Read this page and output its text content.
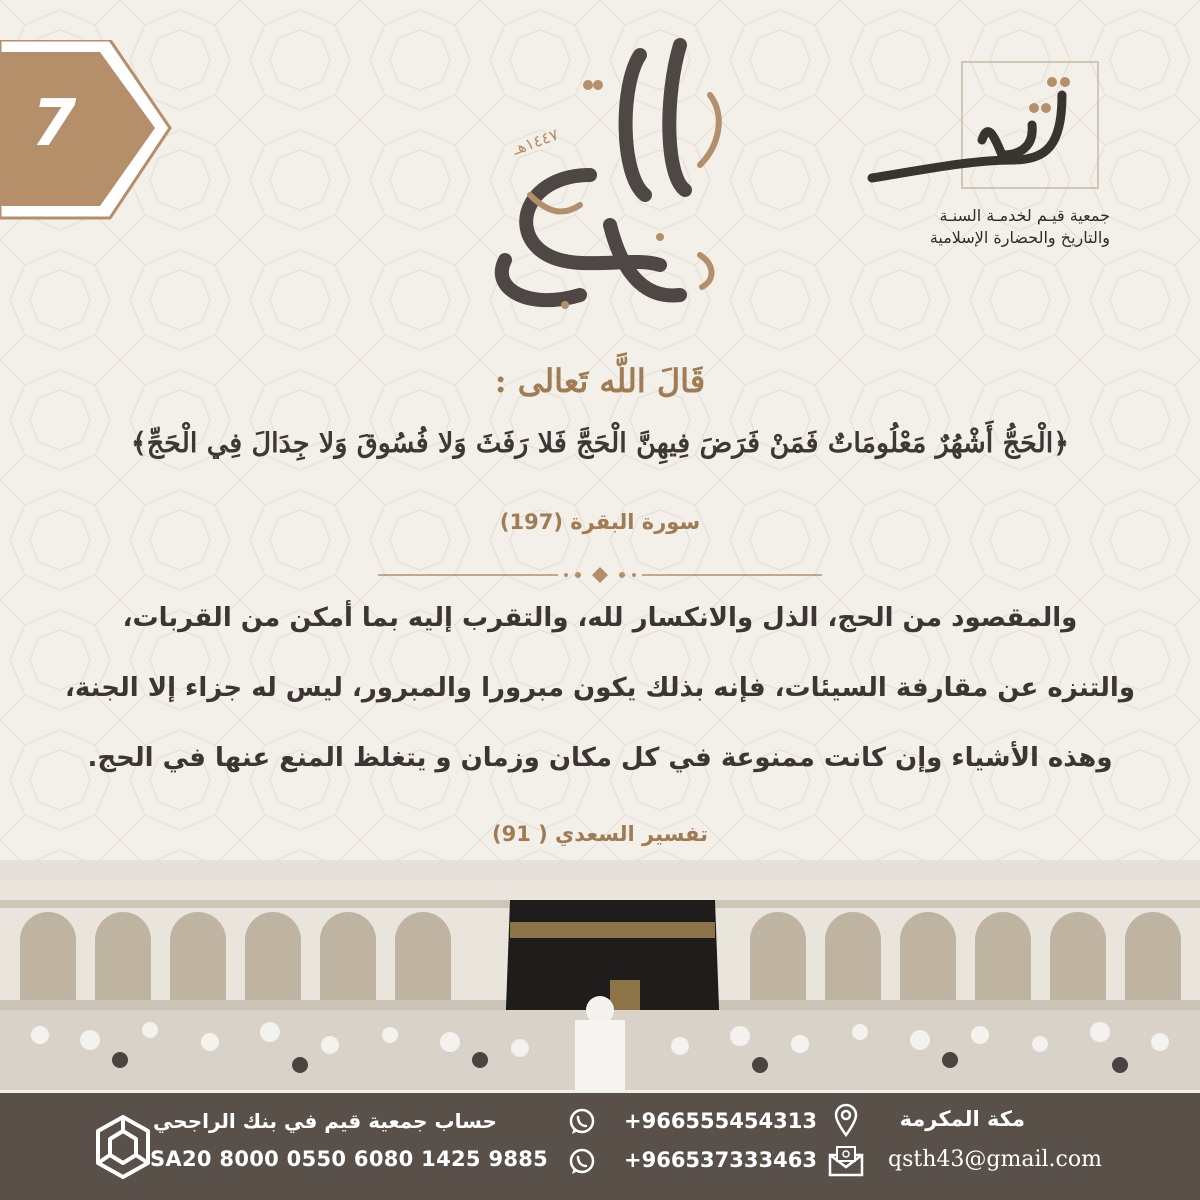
7	١٤٤٧هـ
جمعية قيـم لخدمـة السنـة
والتاريخ والحضارة الإسلامية
قَالَ اللَّه تَعالى :
﴿الْحَجُّ أَشْهُرٌ مَعْلُومَاتٌ فَمَنْ فَرَضَ فِيهِنَّ الْحَجَّ فَلا رَفَثَ وَلا فُسُوقَ وَلا جِدَالَ فِي الْحَجِّ﴾
سورة البقرة (197)
والمقصود من الحج، الذل والانكسار لله، والتقرب إليه بما أمكن من القربات،
والتنزه عن مقارفة السيئات، فإنه بذلك يكون مبرورا والمبرور، ليس له جزاء إلا الجنة،
وهذه الأشياء وإن كانت ممنوعة في كل مكان وزمان و يتغلظ المنع عنها في الحج.
تفسير السعدي ( 91)
حساب جمعية قيم في بنك الراجحي
SA20 8000 0550 6080 1425 9885
+966555454313
+966537333463
مكة المكرمة
qsth43@gmail.com
